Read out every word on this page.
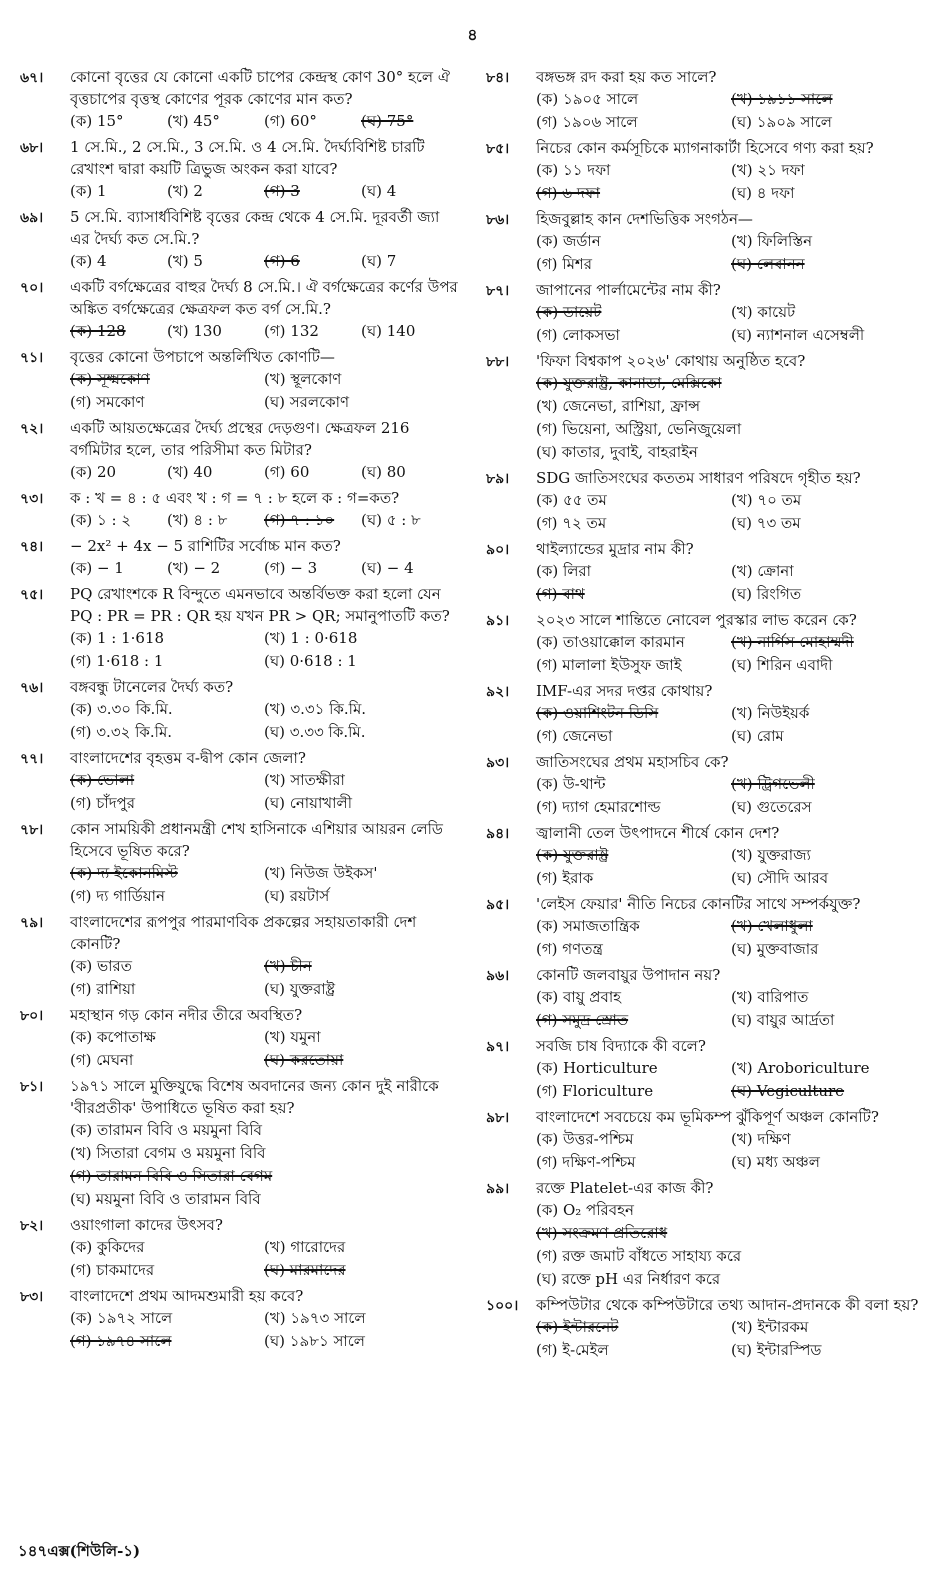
৪
৬৭।	কোনো বৃত্তের যে কোনো একটি চাপের কেন্দ্রস্থ কোণ 30° হলে ঐ বৃত্তচাপের বৃত্তস্থ কোণের পূরক কোণের মান কত?
(ক) 15°	(খ) 45°	(গ) 60°	(ঘ) 75°
৬৮।	1 সে.মি., 2 সে.মি., 3 সে.মি. ও 4 সে.মি. দৈর্ঘ্যবিশিষ্ট চারটি রেখাংশ দ্বারা কয়টি ত্রিভুজ অংকন করা যাবে?
(ক) 1	(খ) 2	(গ) 3	(ঘ) 4
৬৯।	5 সে.মি. ব্যাসার্ধবিশিষ্ট বৃত্তের কেন্দ্র থেকে 4 সে.মি. দূরবর্তী জ্যা এর দৈর্ঘ্য কত সে.মি.?
(ক) 4	(খ) 5	(গ) 6	(ঘ) 7
৭০।	একটি বর্গক্ষেত্রের বাহুর দৈর্ঘ্য 8 সে.মি.। ঐ বর্গক্ষেত্রের কর্ণের উপর অঙ্কিত বর্গক্ষেত্রের ক্ষেত্রফল কত বর্গ সে.মি.?
(ক) 128	(খ) 130	(গ) 132	(ঘ) 140
৭১।	বৃত্তের কোনো উপচাপে অন্তর্লিখিত কোণটি—
(ক) সূক্ষ্মকোণ	(খ) স্থূলকোণ
(গ) সমকোণ	(ঘ) সরলকোণ
৭২।	একটি আয়তক্ষেত্রের দৈর্ঘ্য প্রস্থের দেড়গুণ। ক্ষেত্রফল 216 বর্গমিটার হলে, তার পরিসীমা কত মিটার?
(ক) 20	(খ) 40	(গ) 60	(ঘ) 80
৭৩।	ক : খ = ৪ : ৫ এবং খ : গ = ৭ : ৮ হলে ক : গ=কত?
(ক) ১ : ২	(খ) ৪ : ৮	(গ) ৭ : ১০	(ঘ) ৫ : ৮
৭৪।	− 2x² + 4x − 5 রাশিটির সর্বোচ্চ মান কত?
(ক) − 1	(খ) − 2	(গ) − 3	(ঘ) − 4
৭৫।	PQ রেখাংশকে R বিন্দুতে এমনভাবে অন্তর্বিভক্ত করা হলো যেন PQ : PR = PR : QR হয় যখন PR > QR; সমানুপাতটি কত?
(ক) 1 : 1·618	(খ) 1 : 0·618
(গ) 1·618 : 1	(ঘ) 0·618 : 1
৭৬।	বঙ্গবন্ধু টানেলের দৈর্ঘ্য কত?
(ক) ৩.৩০ কি.মি.	(খ) ৩.৩১ কি.মি.
(গ) ৩.৩২ কি.মি.	(ঘ) ৩.৩৩ কি.মি.
৭৭।	বাংলাদেশের বৃহত্তম ব-দ্বীপ কোন জেলা?
(ক) ভোলা	(খ) সাতক্ষীরা
(গ) চাঁদপুর	(ঘ) নোয়াখালী
৭৮।	কোন সাময়িকী প্রধানমন্ত্রী শেখ হাসিনাকে এশিয়ার আয়রন লেডি হিসেবে ভূষিত করে?
(ক) দ্য ইকোনমিস্ট	(খ) নিউজ উইকস'
(গ) দ্য গার্ডিয়ান	(ঘ) রয়টার্স
৭৯।	বাংলাদেশের রূপপুর পারমাণবিক প্রকল্পের সহায়তাকারী দেশ কোনটি?
(ক) ভারত	(খ) চীন
(গ) রাশিয়া	(ঘ) যুক্তরাষ্ট্র
৮০।	মহাস্থান গড় কোন নদীর তীরে অবস্থিত?
(ক) কপোতাক্ষ	(খ) যমুনা
(গ) মেঘনা	(ঘ) করতোয়া
৮১।	১৯৭১ সালে মুক্তিযুদ্ধে বিশেষ অবদানের জন্য কোন দুই নারীকে 'বীরপ্রতীক' উপাধিতে ভূষিত করা হয়?
(ক) তারামন বিবি ও ময়মুনা বিবি
(খ) সিতারা বেগম ও ময়মুনা বিবি
(গ) তারামন বিবি ও সিতারা বেগম
(ঘ) ময়মুনা বিবি ও তারামন বিবি
৮২।	ওয়াংগালা কাদের উৎসব?
(ক) কুকিদের	(খ) গারোদের
(গ) চাকমাদের	(ঘ) মারমাদের
৮৩।	বাংলাদেশে প্রথম আদমশুমারী হয় কবে?
(ক) ১৯৭২ সালে	(খ) ১৯৭৩ সালে
(গ) ১৯৭৪ সালে	(ঘ) ১৯৮১ সালে
৮৪।	বঙ্গভঙ্গ রদ করা হয় কত সালে?
(ক) ১৯০৫ সালে	(খ) ১৯১১ সালে
(গ) ১৯০৬ সালে	(ঘ) ১৯০৯ সালে
৮৫।	নিচের কোন কর্মসূচিকে ম্যাগনাকার্টা হিসেবে গণ্য করা হয়?
(ক) ১১ দফা	(খ) ২১ দফা
(গ) ৬ দফা	(ঘ) ৪ দফা
৮৬।	হিজবুল্লাহ কান দেশভিত্তিক সংগঠন—
(ক) জর্ডান	(খ) ফিলিস্তিন
(গ) মিশর	(ঘ) লেবানন
৮৭।	জাপানের পার্লামেন্টের নাম কী?
(ক) ডায়েট	(খ) কায়েট
(গ) লোকসভা	(ঘ) ন্যাশনাল এসেম্বলী
৮৮।	'ফিফা বিশ্বকাপ ২০২৬' কোথায় অনুষ্ঠিত হবে?
(ক) যুক্তরাষ্ট্র, কানাডা, মেক্সিকো
(খ) জেনেভা, রাশিয়া, ফ্রান্স
(গ) ভিয়েনা, অস্ট্রিয়া, ভেনিজুয়েলা
(ঘ) কাতার, দুবাই, বাহরাইন
৮৯।	SDG জাতিসংঘের কততম সাধারণ পরিষদে গৃহীত হয়?
(ক) ৫৫ তম	(খ) ৭০ তম
(গ) ৭২ তম	(ঘ) ৭৩ তম
৯০।	থাইল্যান্ডের মুদ্রার নাম কী?
(ক) লিরা	(খ) ক্রোনা
(গ) বাথ	(ঘ) রিংগিত
৯১।	২০২৩ সালে শান্তিতে নোবেল পুরস্কার লাভ করেন কে?
(ক) তাওয়াক্কোল কারমান	(খ) নার্গিস মোহাম্মদী
(গ) মালালা ইউসুফ জাই	(ঘ) শিরিন এবাদী
৯২।	IMF-এর সদর দপ্তর কোথায়?
(ক) ওয়াশিংটন ডিসি	(খ) নিউইয়র্ক
(গ) জেনেভা	(ঘ) রোম
৯৩।	জাতিসংঘের প্রথম মহাসচিব কে?
(ক) উ-থান্ট	(খ) ট্রিগভেলী
(গ) দ্যাগ হেমারশোল্ড	(ঘ) গুতেরেস
৯৪।	জ্বালানী তেল উৎপাদনে শীর্ষে কোন দেশ?
(ক) যুক্তরাষ্ট্র	(খ) যুক্তরাজ্য
(গ) ইরাক	(ঘ) সৌদি আরব
৯৫।	'লেইস ফেয়ার' নীতি নিচের কোনটির সাথে সম্পর্কযুক্ত?
(ক) সমাজতান্ত্রিক	(খ) খেলাধুলা
(গ) গণতন্ত্র	(ঘ) মুক্তবাজার
৯৬।	কোনটি জলবায়ুর উপাদান নয়?
(ক) বায়ু প্রবাহ	(খ) বারিপাত
(গ) সমুদ্র স্রোত	(ঘ) বায়ুর আর্দ্রতা
৯৭।	সবজি চাষ বিদ্যাকে কী বলে?
(ক) Horticulture	(খ) Aroboriculture
(গ) Floriculture	(ঘ) Vegiculture
৯৮।	বাংলাদেশে সবচেয়ে কম ভূমিকম্প ঝুঁকিপূর্ণ অঞ্চল কোনটি?
(ক) উত্তর-পশ্চিম	(খ) দক্ষিণ
(গ) দক্ষিণ-পশ্চিম	(ঘ) মধ্য অঞ্চল
৯৯।	রক্তে Platelet-এর কাজ কী?
(ক) O₂ পরিবহন
(খ) সংক্রমণ প্রতিরোধ
(গ) রক্ত জমাট বাঁধতে সাহায্য করে
(ঘ) রক্তে pH এর নির্ধারণ করে
১০০।	কম্পিউটার থেকে কম্পিউটারে তথ্য আদান-প্রদানকে কী বলা হয়?
(ক) ইন্টারনেট	(খ) ইন্টারকম
(গ) ই-মেইল	(ঘ) ইন্টারস্পিড
১৪৭এক্স(শিউলি-১)
